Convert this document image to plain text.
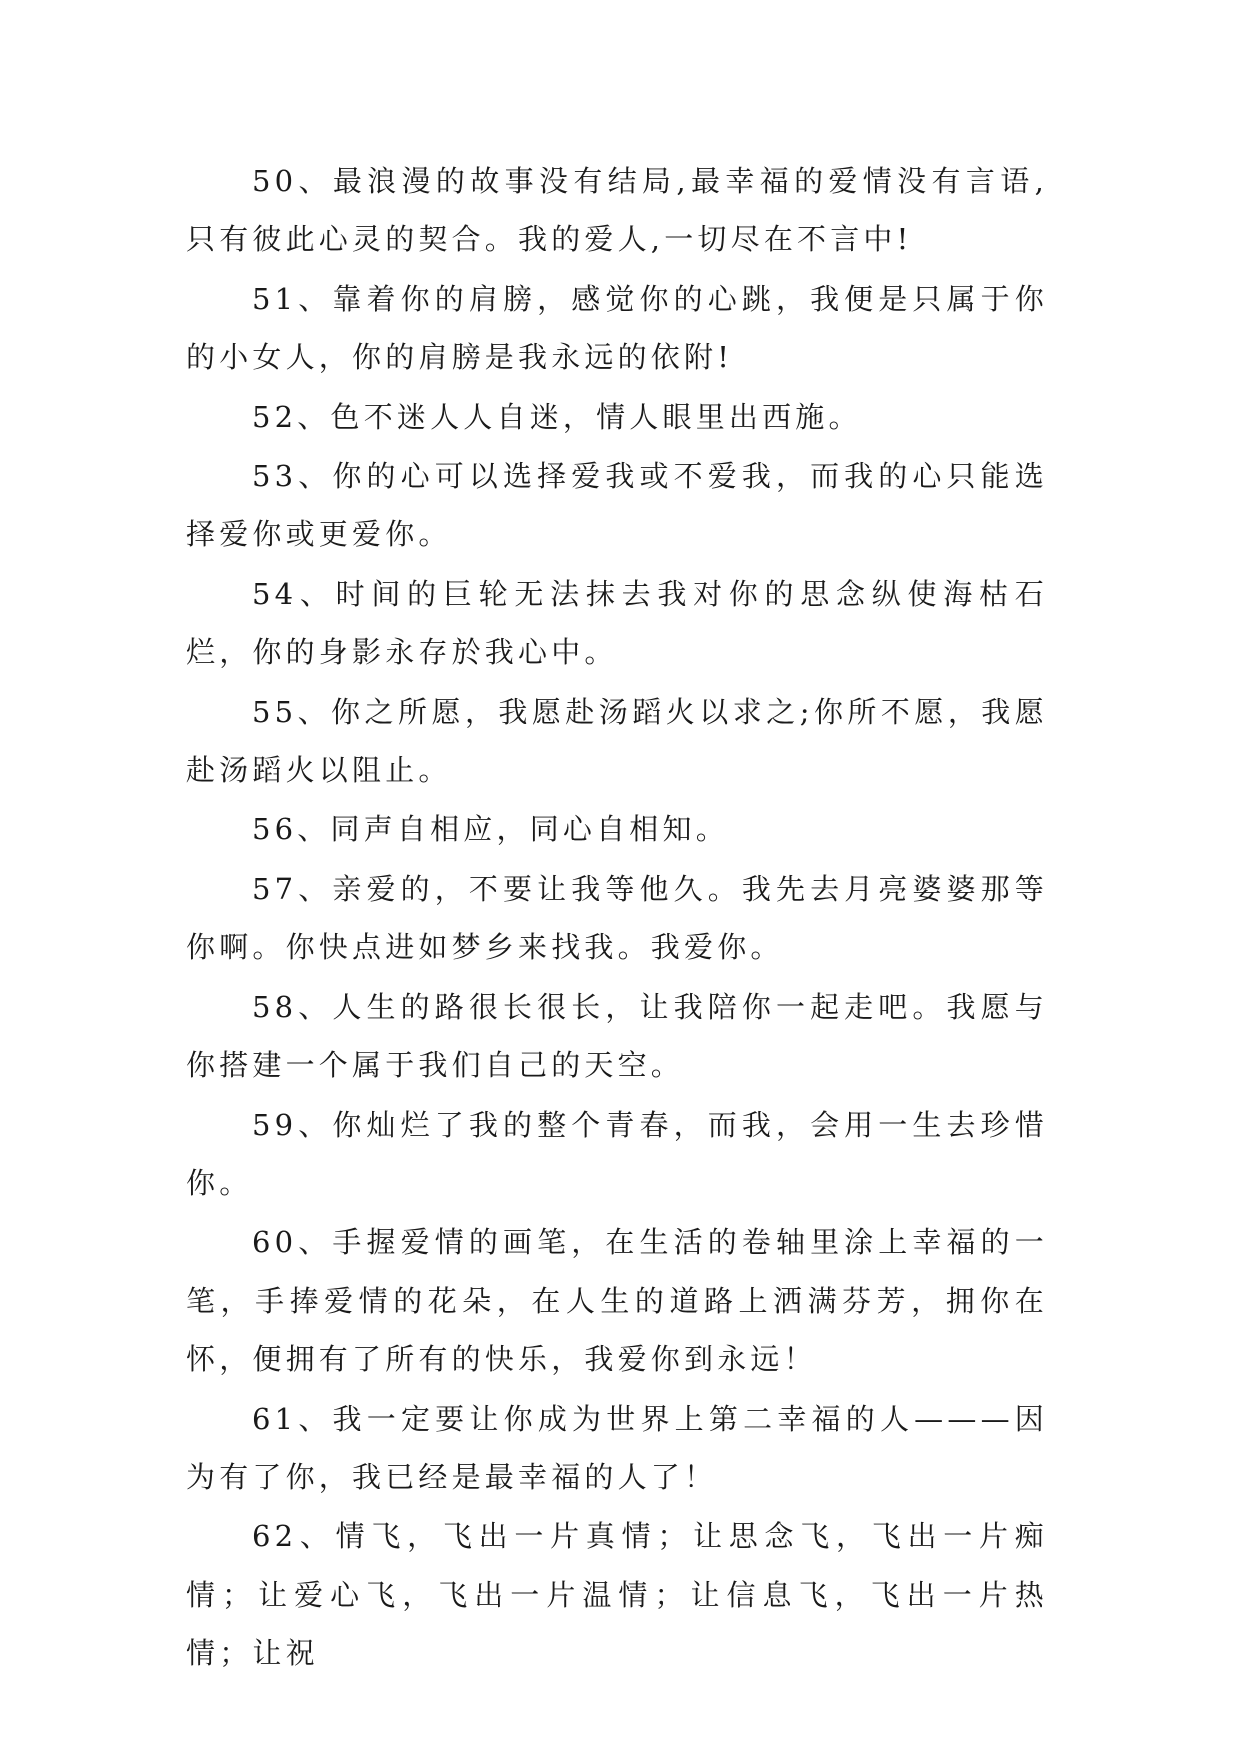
50、最浪漫的故事没有结局,最幸福的爱情没有言语,只有彼此心灵的契合。我的爱人,一切尽在不言中!

51、靠着你的肩膀，感觉你的心跳，我便是只属于你的小女人，你的肩膀是我永远的依附!

52、色不迷人人自迷，情人眼里出西施。

53、你的心可以选择爱我或不爱我，而我的心只能选择爱你或更爱你。

54、时间的巨轮无法抹去我对你的思念纵使海枯石烂，你的身影永存於我心中。

55、你之所愿，我愿赴汤蹈火以求之;你所不愿，我愿赴汤蹈火以阻止。

56、同声自相应，同心自相知。

57、亲爱的，不要让我等他久。我先去月亮婆婆那等你啊。你快点进如梦乡来找我。我爱你。

58、人生的路很长很长，让我陪你一起走吧。我愿与你搭建一个属于我们自己的天空。

59、你灿烂了我的整个青春，而我，会用一生去珍惜你。

60、手握爱情的画笔，在生活的卷轴里涂上幸福的一笔，手捧爱情的花朵，在人生的道路上洒满芬芳，拥你在怀，便拥有了所有的快乐，我爱你到永远！

61、我一定要让你成为世界上第二幸福的人———因为有了你，我已经是最幸福的人了！

62、情飞，飞出一片真情；让思念飞，飞出一片痴情；让爱心飞，飞出一片温情；让信息飞，飞出一片热情；让祝
